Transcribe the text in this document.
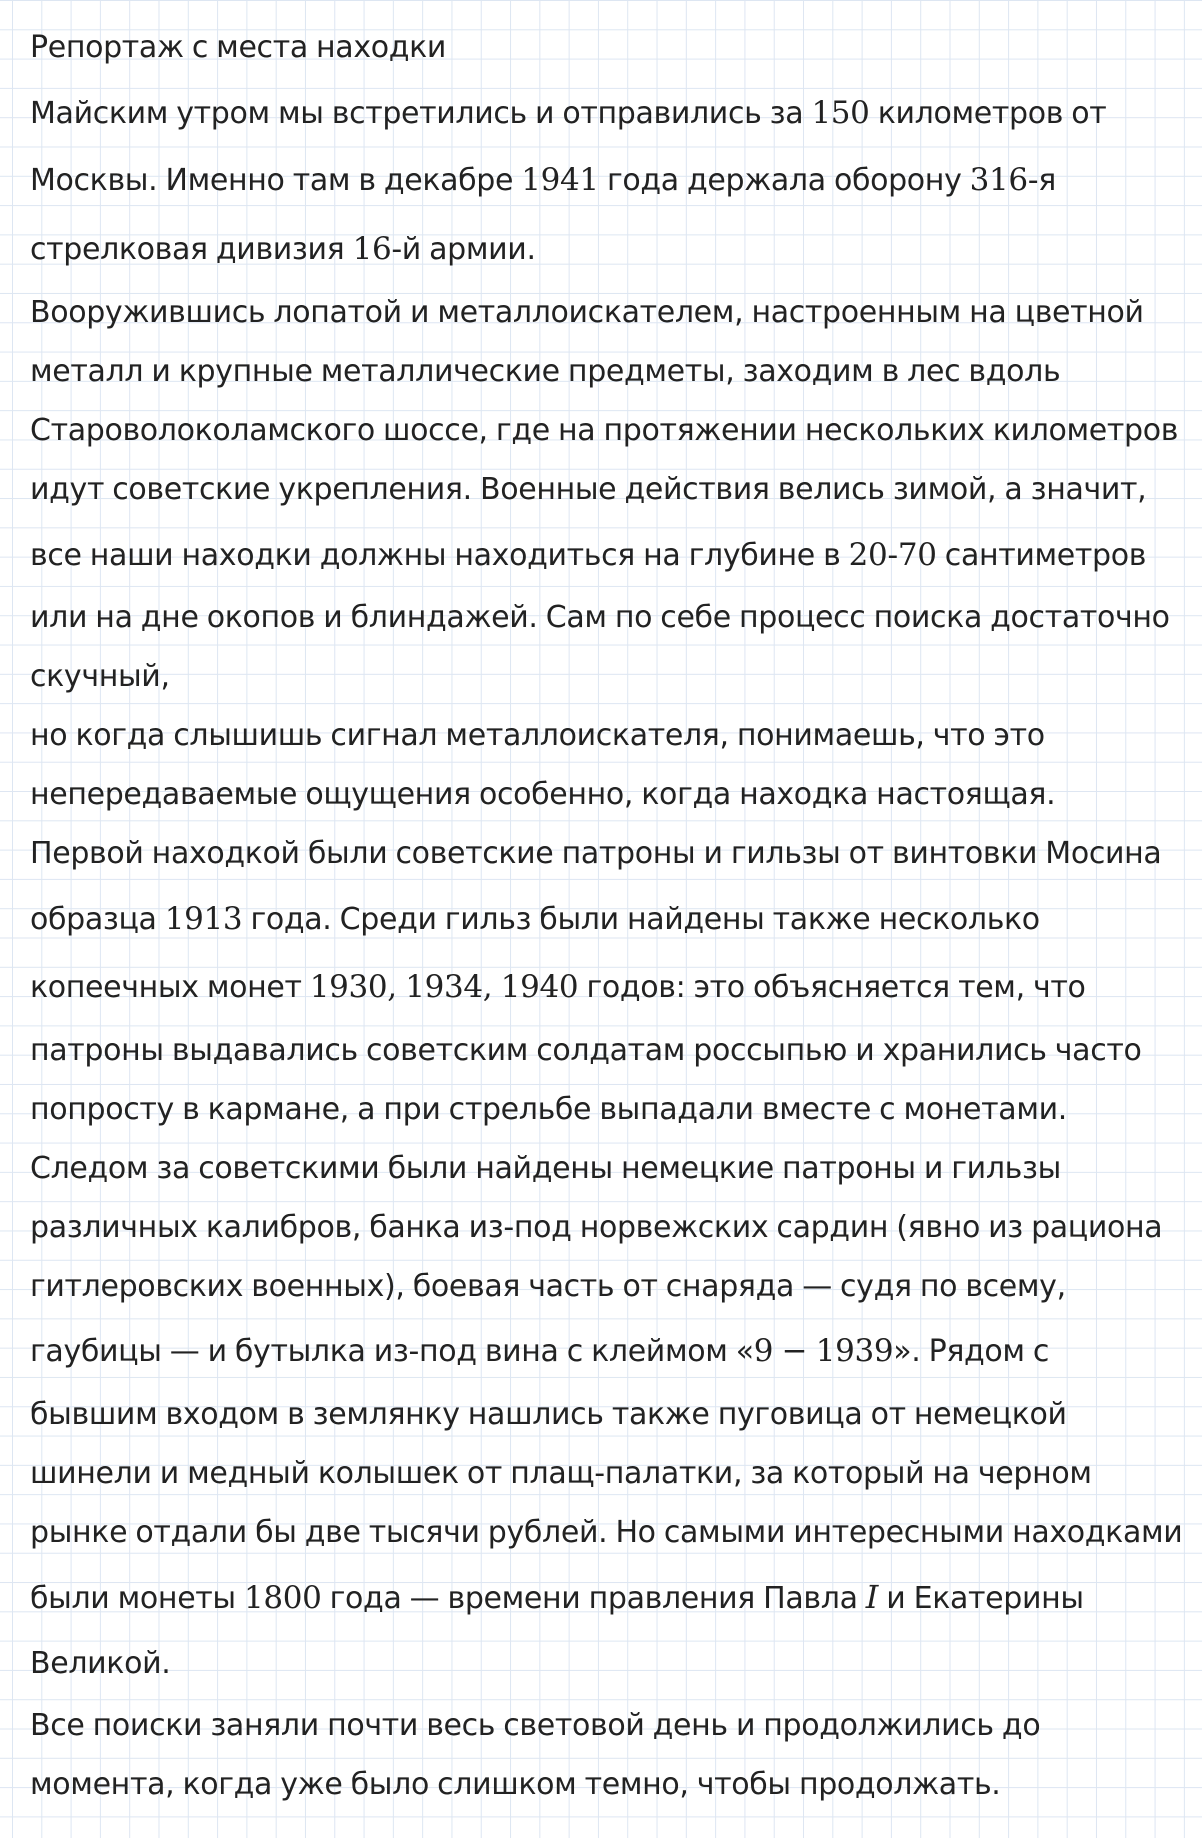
Репортаж с места находки
Майским утром мы встретились и отправились за 150 километров от
Москвы. Именно там в декабре 1941 года держала оборону 316-я
стрелковая дивизия 16-й армии.
Вооружившись лопатой и металлоискателем, настроенным на цветной
металл и крупные металлические предметы, заходим в лес вдоль
Староволоколамского шоссе, где на протяжении нескольких километров
идут советские укрепления. Военные действия велись зимой, а значит,
все наши находки должны находиться на глубине в 20-70 сантиметров
или на дне окопов и блиндажей. Сам по себе процесс поиска достаточно
скучный,
но когда слышишь сигнал металлоискателя, понимаешь, что это
непередаваемые ощущения особенно, когда находка настоящая.
Первой находкой были советские патроны и гильзы от винтовки Мосина
образца 1913 года. Среди гильз были найдены также несколько
копеечных монет 1930, 1934, 1940 годов: это объясняется тем, что
патроны выдавались советским солдатам россыпью и хранились часто
попросту в кармане, а при стрельбе выпадали вместе с монетами.
Следом за советскими были найдены немецкие патроны и гильзы
различных калибров, банка из-под норвежских сардин (явно из рациона
гитлеровских военных), боевая часть от снаряда — судя по всему,
гаубицы — и бутылка из-под вина с клеймом «9 − 1939». Рядом с
бывшим входом в землянку нашлись также пуговица от немецкой
шинели и медный колышек от плащ-палатки, за который на черном
рынке отдали бы две тысячи рублей. Но самыми интересными находками
были монеты 1800 года — времени правления Павла I и Екатерины
Великой.
Все поиски заняли почти весь световой день и продолжились до
момента, когда уже было слишком темно, чтобы продолжать.
